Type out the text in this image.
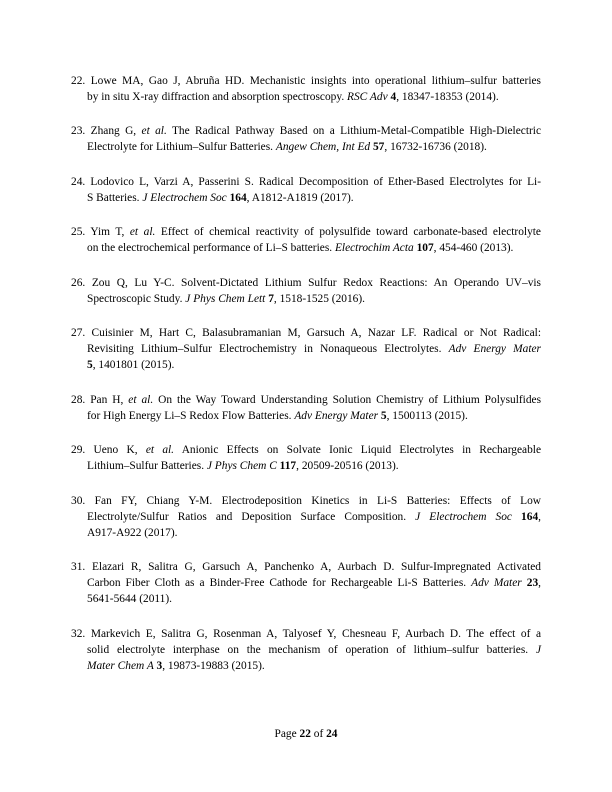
22. Lowe MA, Gao J, Abruña HD. Mechanistic insights into operational lithium–sulfur batteries
by in situ X-ray diffraction and absorption spectroscopy. RSC Adv 4, 18347-18353 (2014).
23. Zhang G, et al. The Radical Pathway Based on a Lithium-Metal-Compatible High-Dielectric
Electrolyte for Lithium–Sulfur Batteries. Angew Chem, Int Ed 57, 16732-16736 (2018).
24. Lodovico L, Varzi A, Passerini S. Radical Decomposition of Ether-Based Electrolytes for Li-
S Batteries. J Electrochem Soc 164, A1812-A1819 (2017).
25. Yim T, et al. Effect of chemical reactivity of polysulfide toward carbonate-based electrolyte
on the electrochemical performance of Li–S batteries. Electrochim Acta 107, 454-460 (2013).
26. Zou Q, Lu Y-C. Solvent-Dictated Lithium Sulfur Redox Reactions: An Operando UV–vis
Spectroscopic Study. J Phys Chem Lett 7, 1518-1525 (2016).
27. Cuisinier M, Hart C, Balasubramanian M, Garsuch A, Nazar LF. Radical or Not Radical:
Revisiting Lithium–Sulfur Electrochemistry in Nonaqueous Electrolytes. Adv Energy Mater
5, 1401801 (2015).
28. Pan H, et al. On the Way Toward Understanding Solution Chemistry of Lithium Polysulfides
for High Energy Li–S Redox Flow Batteries. Adv Energy Mater 5, 1500113 (2015).
29. Ueno K, et al. Anionic Effects on Solvate Ionic Liquid Electrolytes in Rechargeable
Lithium–Sulfur Batteries. J Phys Chem C 117, 20509-20516 (2013).
30. Fan FY, Chiang Y-M. Electrodeposition Kinetics in Li-S Batteries: Effects of Low
Electrolyte/Sulfur Ratios and Deposition Surface Composition. J Electrochem Soc 164,
A917-A922 (2017).
31. Elazari R, Salitra G, Garsuch A, Panchenko A, Aurbach D. Sulfur-Impregnated Activated
Carbon Fiber Cloth as a Binder-Free Cathode for Rechargeable Li-S Batteries. Adv Mater 23,
5641-5644 (2011).
32. Markevich E, Salitra G, Rosenman A, Talyosef Y, Chesneau F, Aurbach D. The effect of a
solid electrolyte interphase on the mechanism of operation of lithium–sulfur batteries. J
Mater Chem A 3, 19873-19883 (2015).
Page 22 of 24
